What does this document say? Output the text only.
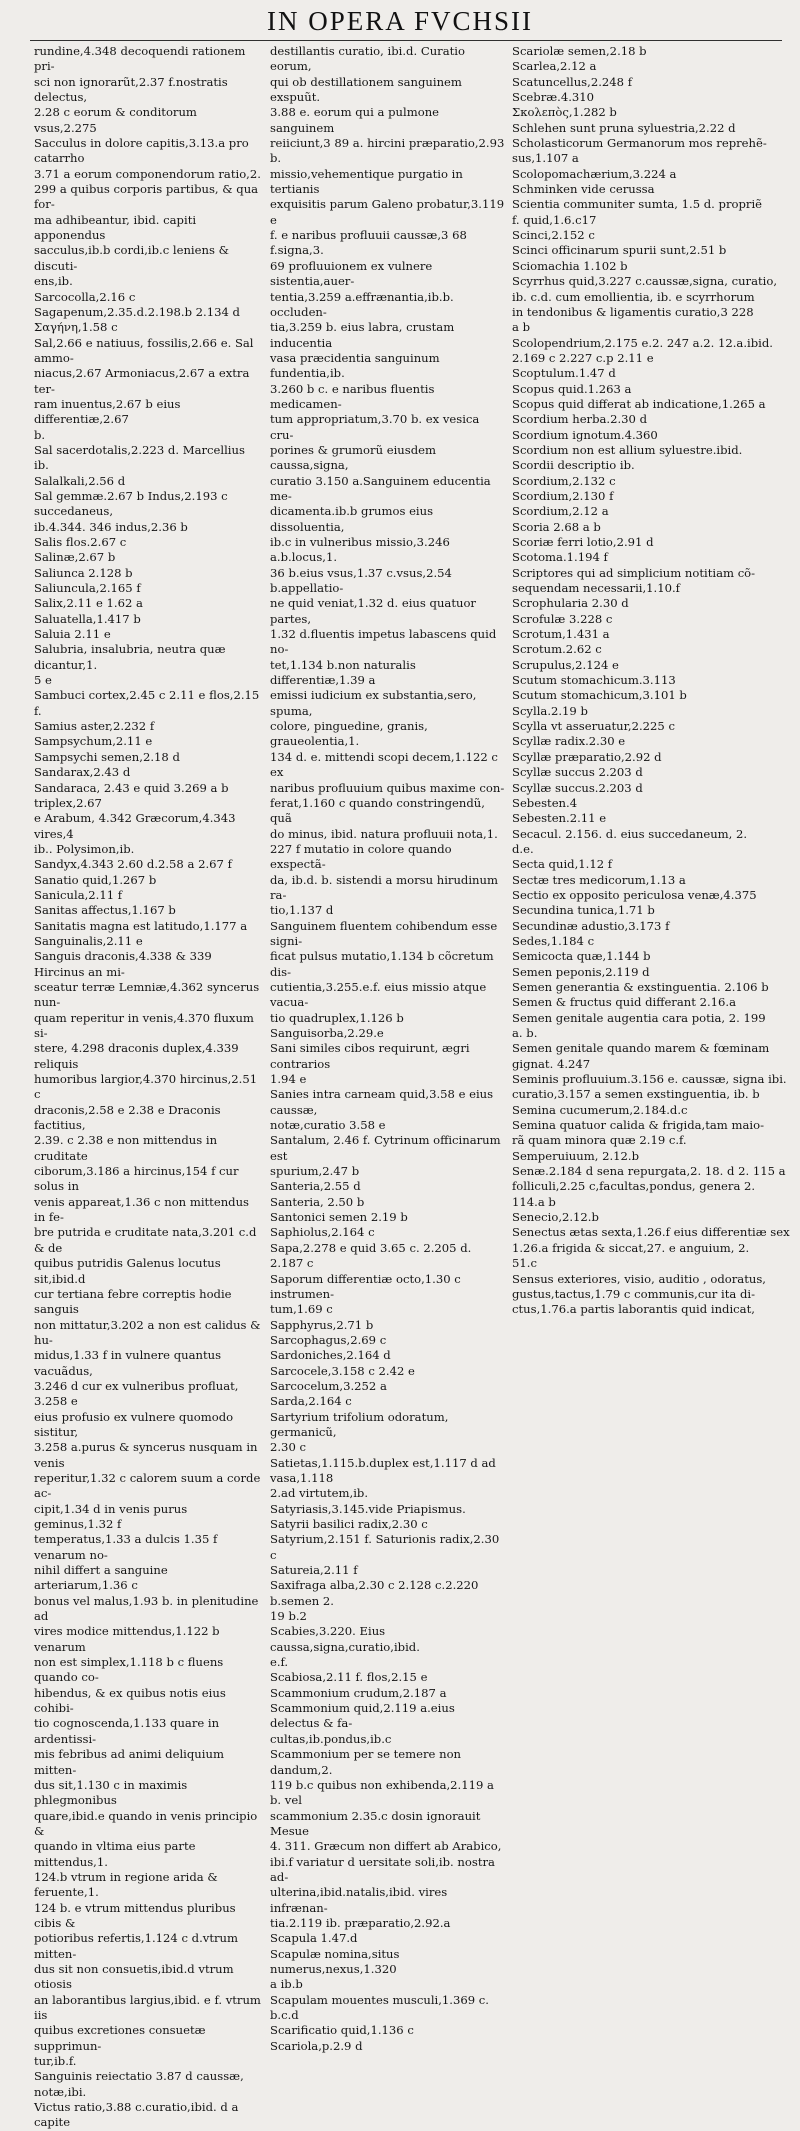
IN OPERA FVCHSII
rundine,4.348 decoquendi rationem pri-
sci non ignorarũt,2.37 f.nostratis delectus,
2.28 c eorum & conditorum vsus,2.275
Sacculus in dolore capitis,3.13.a pro catarrho
3.71 a eorum componendorum ratio,2.
299 a quibus corporis partibus, & qua for-
ma adhibeantur, ibid. capiti apponendus
sacculus,ib.b cordi,ib.c leniens & discuti-
ens,ib.
Sarcocolla,2.16 c
Sagapenum,2.35.d.2.198.b 2.134 d
Σαγήνη,1.58 c
Sal,2.66 e natiuus, fossilis,2.66 e. Sal ammo-
niacus,2.67 Armoniacus,2.67 a extra ter-
ram inuentus,2.67 b eius differentiæ,2.67
b.
Sal sacerdotalis,2.223 d. Marcellius ib.
Salalkali,2.56 d
Sal gemmæ.2.67 b Indus,2.193 c succedaneus,
ib.4.344. 346 indus,2.36 b
Salis flos.2.67 c
Salinæ,2.67 b
Saliunca 2.128 b
Saliuncula,2.165 f
Salix,2.11 e 1.62 a
Saluatella,1.417 b
Saluia 2.11 e
Salubria, insalubria, neutra quæ dicantur,1.
5 e
Sambuci cortex,2.45 c 2.11 e flos,2.15 f.
Samius aster,2.232 f
Sampsychum,2.11 e
Sampsychi semen,2.18 d
Sandarax,2.43 d
Sandaraca, 2.43 e quid 3.269 a b triplex,2.67
e Arabum, 4.342 Græcorum,4.343 vires,4
ib.. Polysimon,ib.
Sandyx,4.343 2.60 d.2.58 a 2.67 f
Sanatio quid,1.267 b
Sanicula,2.11 f
Sanitas affectus,1.167 b
Sanitatis magna est latitudo,1.177 a
Sanguinalis,2.11 e
Sanguis draconis,4.338 & 339 Hircinus an mi-
sceatur terræ Lemniæ,4.362 syncerus nun-
quam reperitur in venis,4.370 fluxum si-
stere, 4.298 draconis duplex,4.339 reliquis
humoribus largior,4.370 hircinus,2.51 c
draconis,2.58 e 2.38 e Draconis factitius,
2.39. c 2.38 e non mittendus in cruditate
ciborum,3.186 a hircinus,154 f cur solus in
venis appareat,1.36 c non mittendus in fe-
bre putrida e cruditate nata,3.201 c.d & de
quibus putridis Galenus locutus sit,ibid.d
cur tertiana febre correptis hodie sanguis
non mittatur,3.202 a non est calidus & hu-
midus,1.33 f in vulnere quantus vacuãdus,
3.246 d cur ex vulneribus profluat, 3.258 e
eius profusio ex vulnere quomodo sistitur,
3.258 a.purus & syncerus nusquam in venis
reperitur,1.32 c calorem suum a corde ac-
cipit,1.34 d in venis purus geminus,1.32 f
temperatus,1.33 a dulcis 1.35 f venarum no-
nihil differt a sanguine arteriarum,1.36 c
bonus vel malus,1.93 b. in plenitudine ad
vires modice mittendus,1.122 b venarum
non est simplex,1.118 b c fluens quando co-
hibendus, & ex quibus notis eius cohibi-
tio cognoscenda,1.133 quare in ardentissi-
mis febribus ad animi deliquium mitten-
dus sit,1.130 c in maximis phlegmonibus
quare,ibid.e quando in venis principio &
quando in vltima eius parte mittendus,1.
124.b vtrum in regione arida & feruente,1.
124 b. e vtrum mittendus pluribus cibis &
potioribus refertis,1.124 c d.vtrum mitten-
dus sit non consuetis,ibid.d vtrum otiosis
an laborantibus largius,ibid. e f. vtrum iis
quibus excretiones consuetæ supprimun-
tur,ib.f.
Sanguinis reiectatio 3.87 d caussæ, notæ,ibi.
Victus ratio,3.88 c.curatio,ibid. d a capite
destillantis curatio, ibi.d. Curatio eorum,
qui ob destillationem sanguinem exspuũt.
3.88 e. eorum qui a pulmone sanguinem
reiiciunt,3 89 a. hircini præparatio,2.93 b.
missio,vehementique purgatio in tertianis
exquisitis parum Galeno probatur,3.119 e
f. e naribus profluuii caussæ,3 68 f.signa,3.
69 profluuionem ex vulnere sistentia,auer-
tentia,3.259 a.effrænantia,ib.b. occluden-
tia,3.259 b. eius labra, crustam inducentia
vasa præcidentia sanguinum fundentia,ib.
3.260 b c. e naribus fluentis medicamen-
tum appropriatum,3.70 b. ex vesica cru-
porines & grumorũ eiusdem caussa,signa,
curatio 3.150 a.Sanguinem educentia me-
dicamenta.ib.b grumos eius dissoluentia,
ib.c in vulneribus missio,3.246 a.b.locus,1.
36 b.eius vsus,1.37 c.vsus,2.54 b.appellatio-
ne quid veniat,1.32 d. eius quatuor partes,
1.32 d.fluentis impetus labascens quid no-
tet,1.134 b.non naturalis differentiæ,1.39 a
emissi iudicium ex substantia,sero, spuma,
colore, pinguedine, granis, graueolentia,1.
134 d. e. mittendi scopi decem,1.122 c ex
naribus profluuium quibus maxime con-
ferat,1.160 c quando constringendũ, quã
do minus, ibid. natura profluuii nota,1.
227 f mutatio in colore quando exspectã-
da, ib.d. b. sistendi a morsu hirudinum ra-
tio,1.137 d
Sanguinem fluentem cohibendum esse signi-
ficat pulsus mutatio,1.134 b cõcretum dis-
cutientia,3.255.e.f. eius missio atque vacua-
tio quadruplex,1.126 b
Sanguisorba,2.29.e
Sani similes cibos requirunt, ægri contrarios
1.94 e
Sanies intra carneam quid,3.58 e eius caussæ,
notæ,curatio 3.58 e
Santalum, 2.46 f. Cytrinum officinarum est
spurium,2.47 b
Santeria,2.55 d
Santeria, 2.50 b
Santonici semen 2.19 b
Saphiolus,2.164 c
Sapa,2.278 e quid 3.65 c. 2.205 d. 2.187 c
Saporum differentiæ octo,1.30 c instrumen-
tum,1.69 c
Sapphyrus,2.71 b
Sarcophagus,2.69 c
Sardoniches,2.164 d
Sarcocele,3.158 c 2.42 e
Sarcocelum,3.252 a
Sarda,2.164 c
Sartyrium trifolium odoratum, germanicũ,
2.30 c
Satietas,1.115.b.duplex est,1.117 d ad vasa,1.118
2.ad virtutem,ib.
Satyriasis,3.145.vide Priapismus.
Satyrii basilici radix,2.30 c
Satyrium,2.151 f. Saturionis radix,2.30 c
Satureia,2.11 f
Saxifraga alba,2.30 c 2.128 c.2.220 b.semen 2.
19 b.2
Scabies,3.220. Eius caussa,signa,curatio,ibid.
e.f.
Scabiosa,2.11 f. flos,2.15 e
Scammonium crudum,2.187 a
Scammonium quid,2.119 a.eius delectus & fa-
cultas,ib.pondus,ib.c
Scammonium per se temere non dandum,2.
119 b.c quibus non exhibenda,2.119 a b. vel
scammonium 2.35.c dosin ignorauit Mesue
4. 311. Græcum non differt ab Arabico,
ibi.f variatur d uersitate soli,ib. nostra ad-
ulterina,ibid.natalis,ibid. vires infrænan-
tia.2.119 ib. præparatio,2.92.a
Scapula 1.47.d
Scapulæ nomina,situs numerus,nexus,1.320
a ib.b
Scapulam mouentes musculi,1.369 c. b.c.d
Scarificatio quid,1.136 c
Scariola,p.2.9 d
Scariolæ semen,2.18 b
Scarlea,2.12 a
Scatuncellus,2.248 f
Scebræ.4.310
Σκολεπὸς,1.282 b
Schlehen sunt pruna syluestria,2.22 d
Scholasticorum Germanorum mos reprehẽ-
sus,1.107 a
Scolopomachærium,3.224 a
Schminken vide cerussa
Scientia communiter sumta, 1.5 d. propriẽ
f. quid,1.6.c17
Scinci,2.152 c
Scinci officinarum spurii sunt,2.51 b
Sciomachia 1.102 b
Scyrrhus quid,3.227 c.caussæ,signa, curatio,
ib. c.d. cum emollientia, ib. e scyrrhorum
in tendonibus & ligamentis curatio,3 228
a b
Scolopendrium,2.175 e.2. 247 a.2. 12.a.ibid.
2.169 c 2.227 c.p 2.11 e
Scoptulum.1.47 d
Scopus quid.1.263 a
Scopus quid differat ab indicatione,1.265 a
Scordium herba.2.30 d
Scordium ignotum.4.360
Scordium non est allium syluestre.ibid.
Scordii descriptio ib.
Scordium,2.132 c
Scordium,2.130 f
Scordium,2.12 a
Scoria 2.68 a b
Scoriæ ferri lotio,2.91 d
Scotoma.1.194 f
Scriptores qui ad simplicium notitiam cõ-
sequendam necessarii,1.10.f
Scrophularia 2.30 d
Scrofulæ 3.228 c
Scrotum,1.431 a
Scrotum.2.62 c
Scrupulus,2.124 e
Scutum stomachicum.3.113
Scutum stomachicum,3.101 b
Scylla.2.19 b
Scylla vt asseruatur,2.225 c
Scyllæ radix.2.30 e
Scyllæ præparatio,2.92 d
Scyllæ succus 2.203 d
Scyllæ succus.2.203 d
Sebesten.4
Sebesten.2.11 e
Secacul. 2.156. d. eius succedaneum, 2.
d.e.
Secta quid,1.12 f
Sectæ tres medicorum,1.13 a
Sectio ex opposito periculosa venæ,4.375
Secundina tunica,1.71 b
Secundinæ adustio,3.173 f
Sedes,1.184 c
Semicocta quæ,1.144 b
Semen peponis,2.119 d
Semen generantia & exstinguentia. 2.106 b
Semen & fructus quid differant 2.16.a
Semen genitale augentia cara potia, 2. 199
a. b.
Semen genitale quando marem & fœminam
gignat. 4.247
Seminis profluuium.3.156 e. caussæ, signa ibi.
curatio,3.157 a semen exstinguentia, ib. b
Semina cucumerum,2.184.d.c
Semina quatuor calida & frigida,tam maio-
rã quam minora quæ 2.19 c.f.
Semperuiuum, 2.12.b
Senæ.2.184 d sena repurgata,2. 18. d 2. 115 a
folliculi,2.25 c,facultas,pondus, genera 2.
114.a b
Senecio,2.12.b
Senectus ætas sexta,1.26.f eius differentiæ sex
1.26.a frigida & siccat,27. e anguium, 2.
51.c
Sensus exteriores, visio, auditio , odoratus,
gustus,tactus,1.79 c communis,cur ita di-
ctus,1.76.a partis laborantis quid indicat,
